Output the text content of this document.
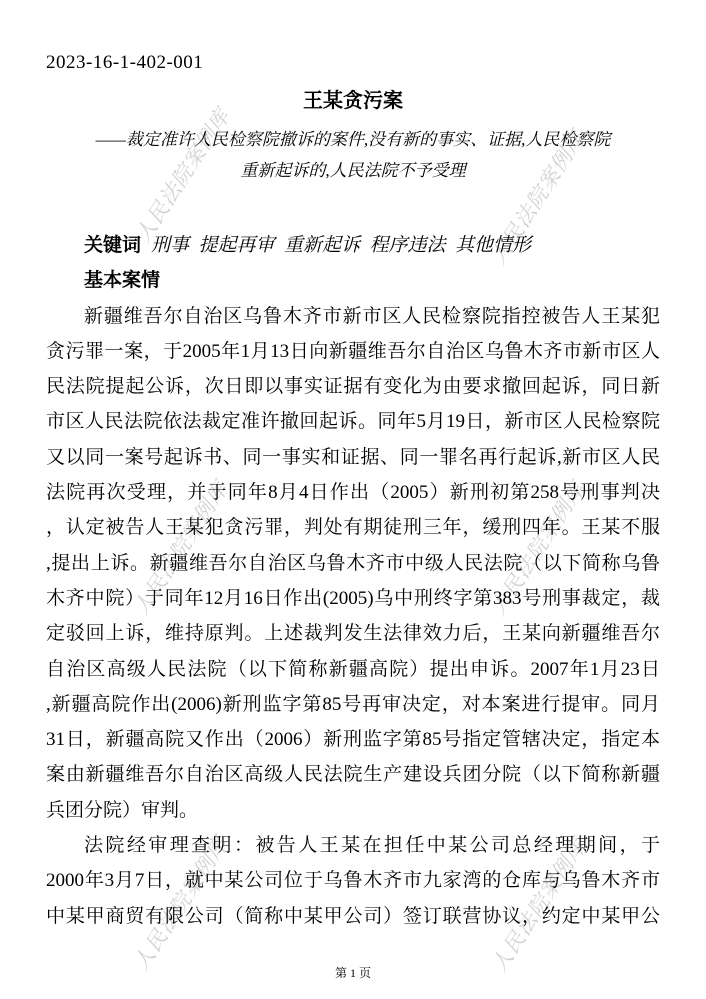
人民法院案例库	人民法院案例库
人民法院案例库	人民法院案例库
人民法院案例库	人民法院案例库
2023-16-1-402-001
王某贪污案
——裁定准许人民检察院撤诉的案件,没有新的事实、证据,人民检察院
重新起诉的,人民法院不予受理
关键词 刑事  提起再审  重新起诉  程序违法  其他情形
基本案情
新疆维吾尔自治区乌鲁木齐市新市区人民检察院指控被告人王某犯
贪污罪一案，于2005年1月13日向新疆维吾尔自治区乌鲁木齐市新市区人
民法院提起公诉，次日即以事实证据有变化为由要求撤回起诉，同日新
市区人民法院依法裁定准许撤回起诉。同年5月19日，新市区人民检察院
又以同一案号起诉书、同一事实和证据、同一罪名再行起诉,新市区人民
法院再次受理，并于同年8月4日作出（2005）新刑初第258号刑事判决
，认定被告人王某犯贪污罪，判处有期徒刑三年，缓刑四年。王某不服
,提出上诉。新疆维吾尔自治区乌鲁木齐市中级人民法院（以下简称乌鲁
木齐中院）于同年12月16日作出(2005)乌中刑终字第383号刑事裁定，裁
定驳回上诉，维持原判。上述裁判发生法律效力后，王某向新疆维吾尔
自治区高级人民法院（以下简称新疆高院）提出申诉。2007年1月23日
,新疆高院作出(2006)新刑监字第85号再审决定，对本案进行提审。同月
31日，新疆高院又作出（2006）新刑监字第85号指定管辖决定，指定本
案由新疆维吾尔自治区高级人民法院生产建设兵团分院（以下简称新疆
兵团分院）审判。
法院经审理查明：被告人王某在担任中某公司总经理期间，于
2000年3月7日，就中某公司位于乌鲁木齐市九家湾的仓库与乌鲁木齐市
中某甲商贸有限公司（简称中某甲公司）签订联营协议，约定中某甲公
第 1 页
